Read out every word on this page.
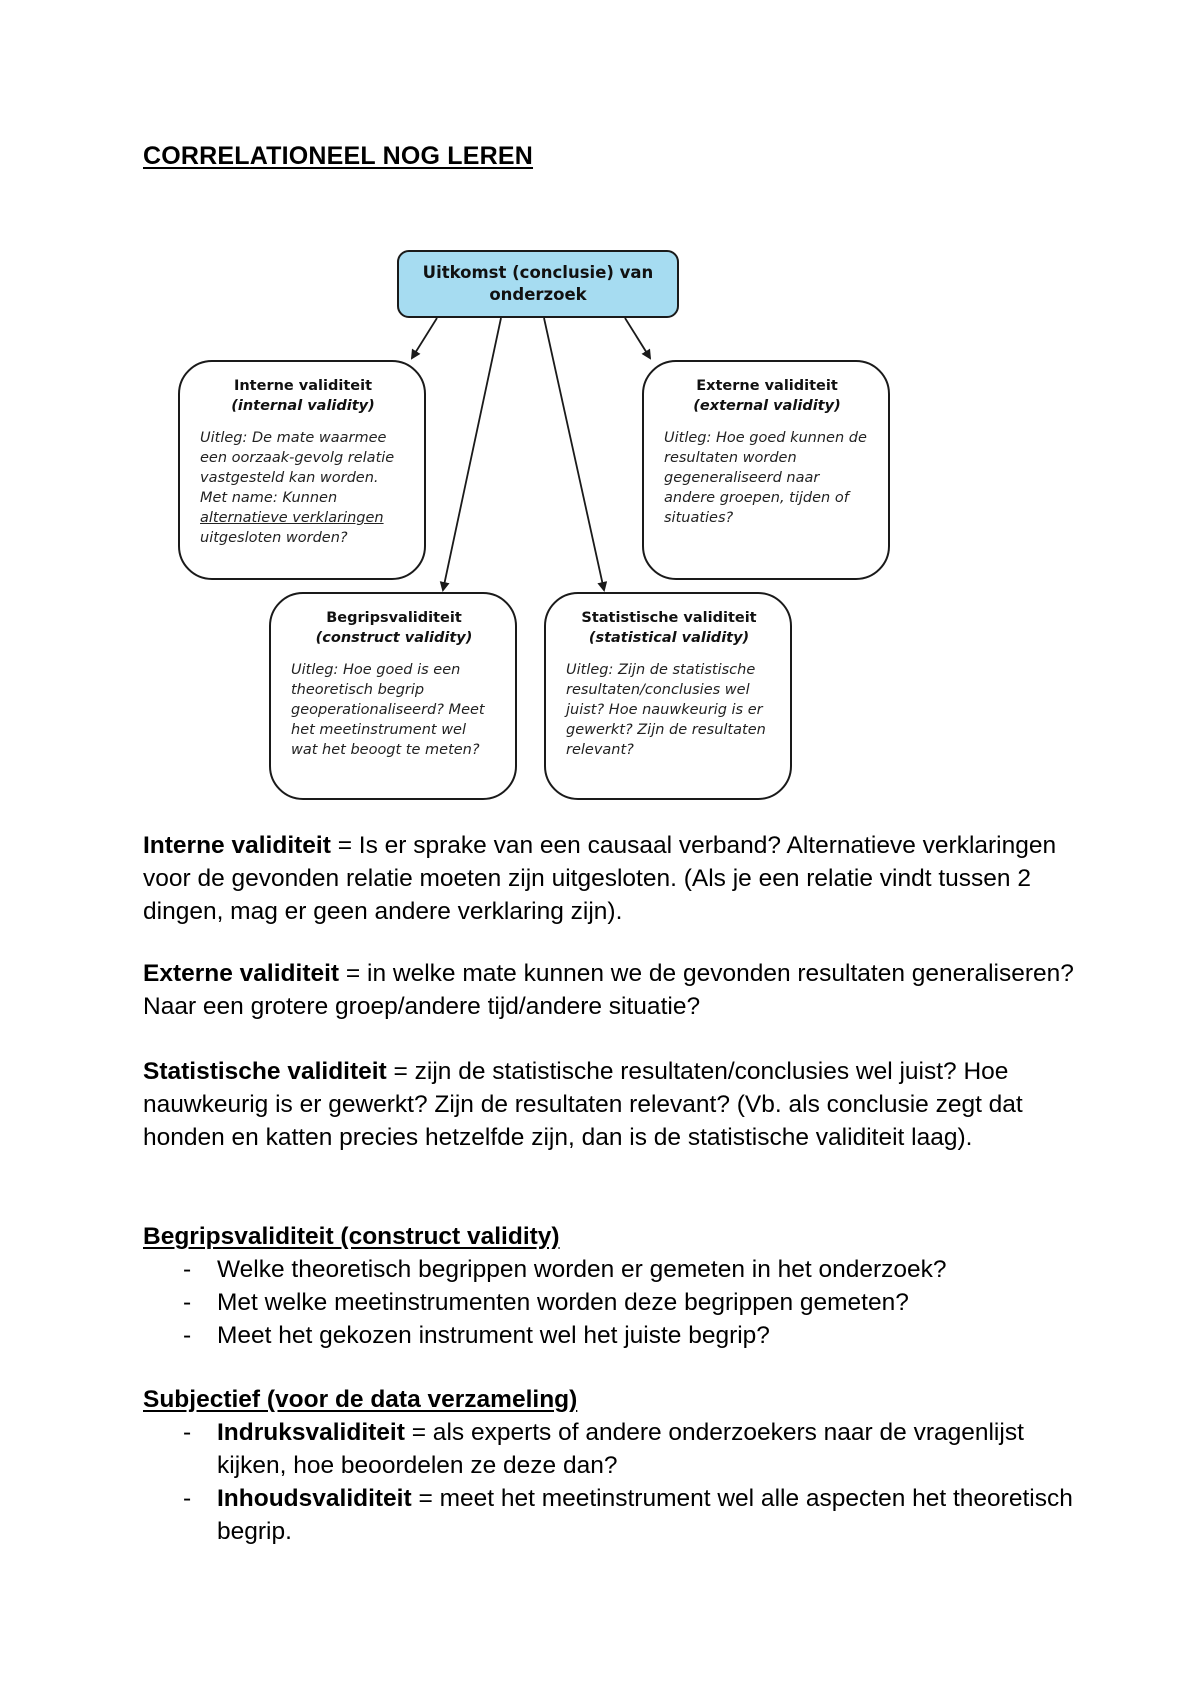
CORRELATIONEEL NOG LEREN
Uitkomst (conclusie) van
onderzoek
Interne validiteit
(internal validity)
Uitleg: De mate waarmee een oorzaak-gevolg relatie vastgesteld kan worden. Met name: Kunnen alternatieve verklaringen uitgesloten worden?
Externe validiteit
(external validity)
Uitleg: Hoe goed kunnen de resultaten worden gegeneraliseerd naar andere groepen, tijden of situaties?
Begripsvaliditeit
(construct validity)
Uitleg: Hoe goed is een theoretisch begrip geoperationaliseerd? Meet het meetinstrument wel wat het beoogt te meten?
Statistische validiteit
(statistical validity)
Uitleg: Zijn de statistische resultaten/conclusies wel juist? Hoe nauwkeurig is er gewerkt? Zijn de resultaten relevant?

Interne validiteit = Is er sprake van een causaal verband? Alternatieve verklaringen voor de gevonden relatie moeten zijn uitgesloten. (Als je een relatie vindt tussen 2 dingen, mag er geen andere verklaring zijn).

Externe validiteit = in welke mate kunnen we de gevonden resultaten generaliseren? Naar een grotere groep/andere tijd/andere situatie?

Statistische validiteit = zijn de statistische resultaten/conclusies wel juist? Hoe nauwkeurig is er gewerkt? Zijn de resultaten relevant? (Vb. als conclusie zegt dat honden en katten precies hetzelfde zijn, dan is de statistische validiteit laag).

Begripsvaliditeit (construct validity)
- Welke theoretisch begrippen worden er gemeten in het onderzoek?
- Met welke meetinstrumenten worden deze begrippen gemeten?
- Meet het gekozen instrument wel het juiste begrip?
Subjectief (voor de data verzameling)
- Indruksvaliditeit = als experts of andere onderzoekers naar de vragenlijst kijken, hoe beoordelen ze deze dan?
- Inhoudsvaliditeit = meet het meetinstrument wel alle aspecten het theoretisch begrip.
